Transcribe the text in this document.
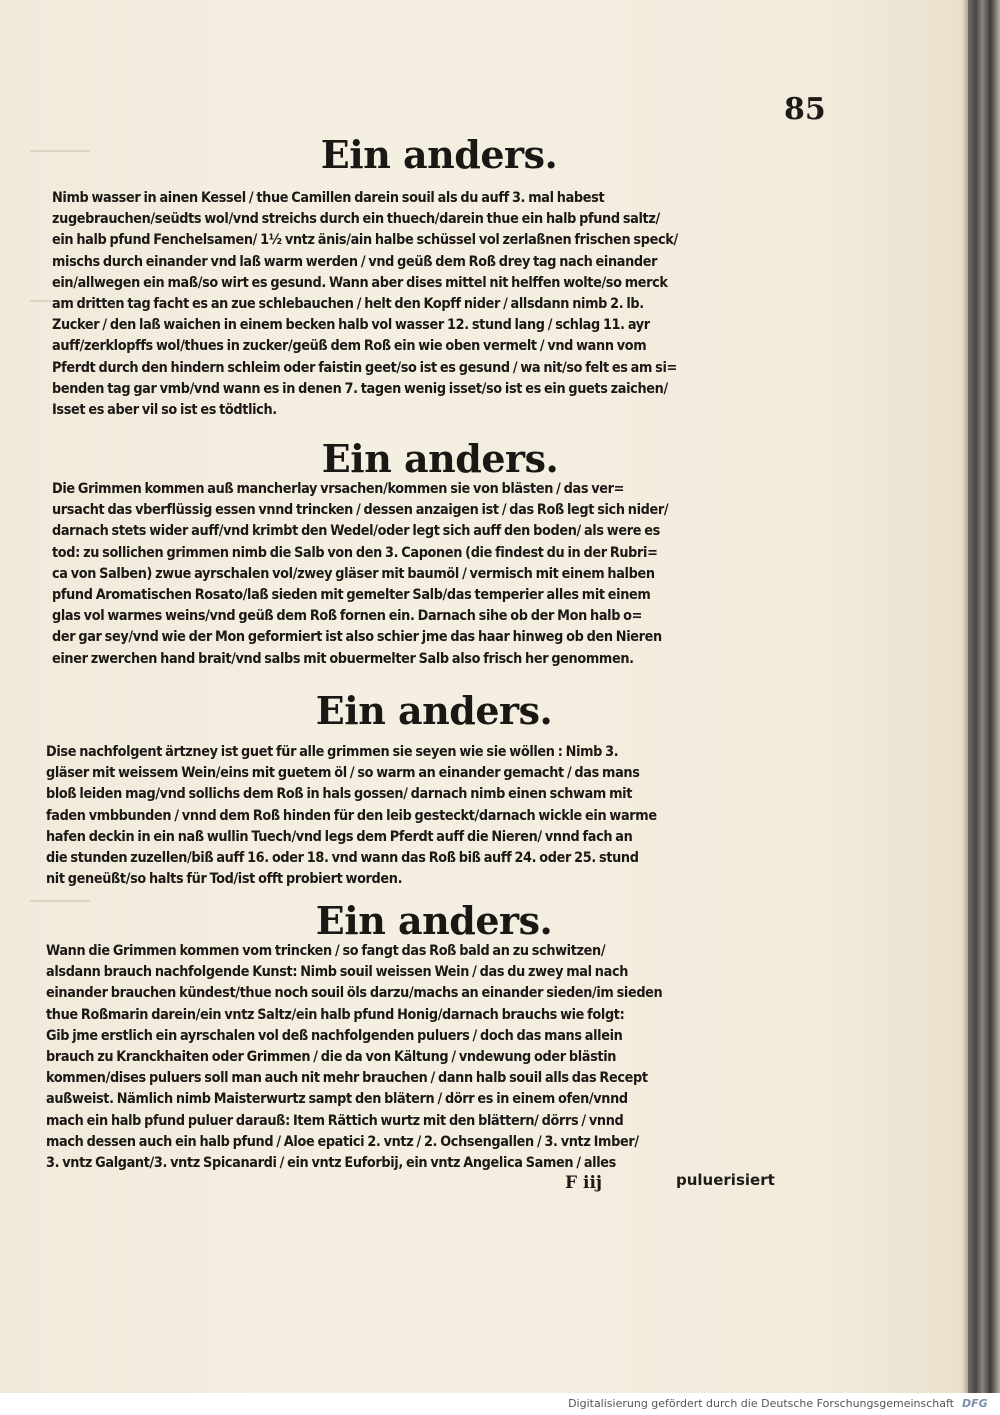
85
Ein anders.
Nimb wasser in ainen Kessel / thue Camillen darein souil als du auff 3. mal habest
zugebrauchen/seüdts wol/vnd streichs durch ein thuech/darein thue ein halb pfund saltz/
ein halb pfund Fenchelsamen/ 1½ vntz änis/ain halbe schüssel vol zerlaßnen frischen speck/
mischs durch einander vnd laß warm werden / vnd geüß dem Roß drey tag nach einander
ein/allwegen ein maß/so wirt es gesund. Wann aber dises mittel nit helffen wolte/so merck
am dritten tag facht es an zue schlebauchen / helt den Kopff nider / allsdann nimb 2. lb.
Zucker / den laß waichen in einem becken halb vol wasser 12. stund lang / schlag 11. ayr
auff/zerklopffs wol/thues in zucker/geüß dem Roß ein wie oben vermelt / vnd wann vom
Pferdt durch den hindern schleim oder faistin geet/so ist es gesund / wa nit/so felt es am si=
benden tag gar vmb/vnd wann es in denen 7. tagen wenig isset/so ist es ein guets zaichen/
Isset es aber vil so ist es tödtlich.
Ein anders.
Die Grimmen kommen auß mancherlay vrsachen/kommen sie von blästen / das ver=
ursacht das vberflüssig essen vnnd trincken / dessen anzaigen ist / das Roß legt sich nider/
darnach stets wider auff/vnd krimbt den Wedel/oder legt sich auff den boden/ als were es
tod: zu sollichen grimmen nimb die Salb von den 3. Caponen (die findest du in der Rubri=
ca von Salben) zwue ayrschalen vol/zwey gläser mit baumöl / vermisch mit einem halben
pfund Aromatischen Rosato/laß sieden mit gemelter Salb/das temperier alles mit einem
glas vol warmes weins/vnd geüß dem Roß fornen ein. Darnach sihe ob der Mon halb o=
der gar sey/vnd wie der Mon geformiert ist also schier jme das haar hinweg ob den Nieren
einer zwerchen hand brait/vnd salbs mit obuermelter Salb also frisch her genommen.
Ein anders.
Dise nachfolgent ärtzney ist guet für alle grimmen sie seyen wie sie wöllen : Nimb 3.
gläser mit weissem Wein/eins mit guetem öl / so warm an einander gemacht / das mans
bloß leiden mag/vnd sollichs dem Roß in hals gossen/ darnach nimb einen schwam mit
faden vmbbunden / vnnd dem Roß hinden für den leib gesteckt/darnach wickle ein warme
hafen deckin in ein naß wullin Tuech/vnd legs dem Pferdt auff die Nieren/ vnnd fach an
die stunden zuzellen/biß auff 16. oder 18. vnd wann das Roß biß auff 24. oder 25. stund
nit geneüßt/so halts für Tod/ist offt probiert worden.
Ein anders.
Wann die Grimmen kommen vom trincken / so fangt das Roß bald an zu schwitzen/
alsdann brauch nachfolgende Kunst: Nimb souil weissen Wein / das du zwey mal nach
einander brauchen kündest/thue noch souil öls darzu/machs an einander sieden/im sieden
thue Roßmarin darein/ein vntz Saltz/ein halb pfund Honig/darnach brauchs wie folgt:
Gib jme erstlich ein ayrschalen vol deß nachfolgenden puluers / doch das mans allein
brauch zu Kranckhaiten oder Grimmen / die da von Kältung / vndewung oder blästin
kommen/dises puluers soll man auch nit mehr brauchen / dann halb souil alls das Recept
außweist. Nämlich nimb Maisterwurtz sampt den blätern / dörr es in einem ofen/vnnd
mach ein halb pfund puluer darauß: Item Rättich wurtz mit den blättern/ dörrs / vnnd
mach dessen auch ein halb pfund / Aloe epatici 2. vntz / 2. Ochsengallen / 3. vntz Imber/
3. vntz Galgant/3. vntz Spicanardi / ein vntz Euforbij, ein vntz Angelica Samen / alles
F iij	puluerisiert
Digitalisierung gefördert durch die Deutsche Forschungsgemeinschaft DFG
